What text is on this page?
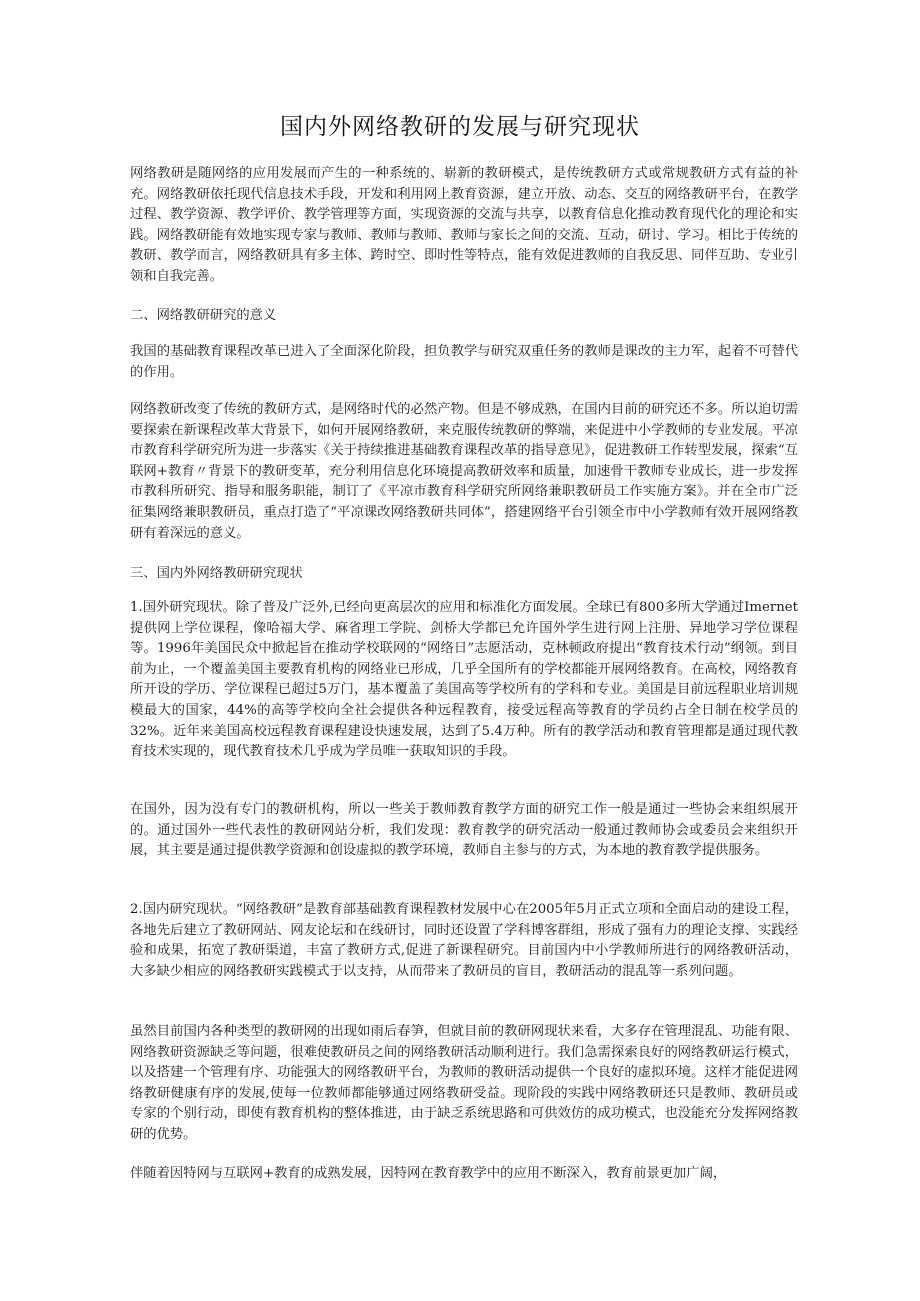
国内外网络教研的发展与研究现状

网络教研是随网络的应用发展而产生的一种系统的、崭新的教研模式，是传统教研方式或常规教研方式有益的补充。网络教研依托现代信息技术手段，开发和利用网上教育资源，建立开放、动态、交互的网络教研平台，在教学过程、教学资源、教学评价、教学管理等方面，实现资源的交流与共享，以教育信息化推动教育现代化的理论和实践。网络教研能有效地实现专家与教师、教师与教师、教师与家长之间的交流、互动，研讨、学习。相比于传统的教研、教学而言，网络教研具有多主体、跨时空、即时性等特点，能有效促进教师的自我反思、同伴互助、专业引领和自我完善。

二、网络教研研究的意义

我国的基础教育课程改革已进入了全面深化阶段，担负教学与研究双重任务的教师是课改的主力军，起着不可替代的作用。

网络教研改变了传统的教研方式，是网络时代的必然产物。但是不够成熟，在国内目前的研究还不多。所以迫切需要探索在新课程改革大背景下，如何开展网络教研，来克服传统教研的弊端，来促进中小学教师的专业发展。平凉市教育科学研究所为进一步落实《关于持续推进基础教育课程改革的指导意见》，促进教研工作转型发展，探索“互联网+教育〃背景下的教研变革，充分利用信息化环境提高教研效率和质量，加速骨干教师专业成长，进一步发挥市教科所研究、指导和服务职能，制订了《平凉市教育科学研究所网络兼职教研员工作实施方案》。并在全市广泛征集网络兼职教研员，重点打造了“平凉课改网络教研共同体”，搭建网络平台引领全市中小学教师有效开展网络教研有着深远的意义。

三、国内外网络教研研究现状

1.国外研究现状。除了普及广泛外,已经向更高层次的应用和标准化方面发展。全球已有800多所大学通过Imernet提供网上学位课程，像哈福大学、麻省理工学院、剑桥大学都已允许国外学生进行网上注册、异地学习学位课程等。1996年美国民众中掀起旨在推动学校联网的“网络日”志愿活动，克林顿政府提出“教育技术行动”纲领。到目前为止，一个覆盖美国主要教育机构的网络业已形成，几乎全国所有的学校都能开展网络教育。在高校，网络教育所开设的学历、学位课程已超过5万门，基本覆盖了美国高等学校所有的学科和专业。美国是目前远程职业培训规模最大的国家，44%的高等学校向全社会提供各种远程教育，接受远程高等教育的学员约占全日制在校学员的32%。近年来美国高校远程教育课程建设快速发展，达到了5.4万种。所有的教学活动和教育管理都是通过现代教育技术实现的，现代教育技术几乎成为学员唯一获取知识的手段。

在国外，因为没有专门的教研机构，所以一些关于教师教育教学方面的研究工作一般是通过一些协会来组织展开的。通过国外一些代表性的教研网站分析，我们发现：教育教学的研究活动一般通过教师协会或委员会来组织开展，其主要是通过提供教学资源和创设虚拟的教学环境，教师自主参与的方式，为本地的教育教学提供服务。

2.国内研究现状。“网络教研”是教育部基础教育课程教材发展中心在2005年5月正式立项和全面启动的建设工程，各地先后建立了教研网站、网友论坛和在线研讨，同时还设置了学科博客群组，形成了强有力的理论支撑、实践经验和成果，拓宽了教研渠道，丰富了教研方式,促进了新课程研究。目前国内中小学教师所进行的网络教研活动，大多缺少相应的网络教研实践模式于以支持，从而带来了教研员的盲目，教研活动的混乱等一系列问题。

虽然目前国内各种类型的教研网的出现如雨后春笋，但就目前的教研网现状来看，大多存在管理混乱、功能有限、网络教研资源缺乏等问题，很难使教研员之间的网络教研活动顺利进行。我们急需探索良好的网络教研运行模式，以及搭建一个管理有序、功能强大的网络教研平台，为教师的教研活动提供一个良好的虚拟环境。这样才能促进网络教研健康有序的发展,使每一位教师都能够通过网络教研受益。现阶段的实践中网络教研还只是教师、教研员或专家的个别行动，即使有教育机构的整体推进，由于缺乏系统思路和可供效仿的成功模式，也没能充分发挥网络教研的优势。

伴随着因特网与互联网+教育的成熟发展，因特网在教育教学中的应用不断深入，教育前景更加广阔，
